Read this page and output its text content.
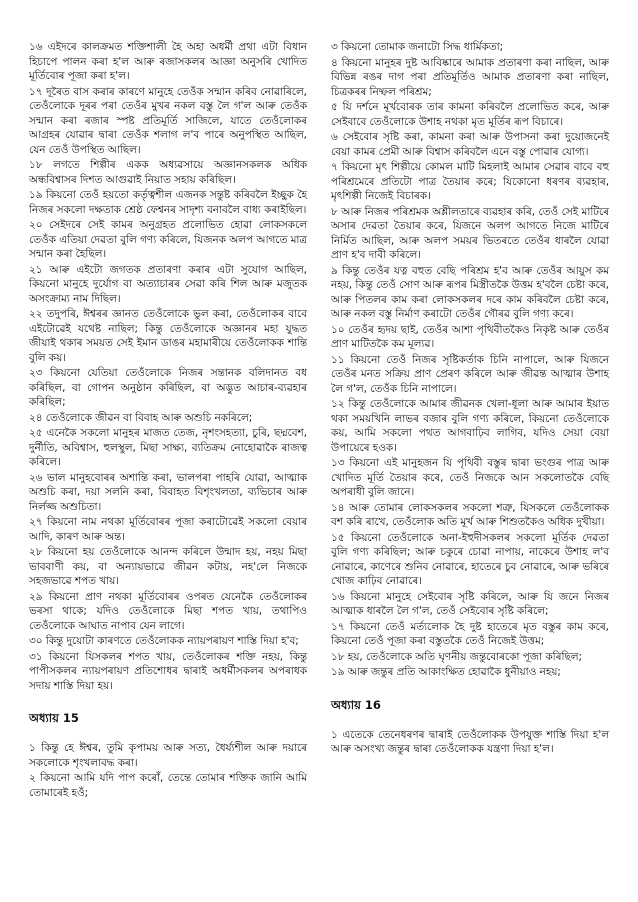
১৬ এইদৰে কালক্ৰমত শক্তিশালী হৈ অহা অধৰ্মী প্ৰথা এটা বিধান হিচাপে পালন কৰা হ'ল আৰু ৰজাসকলৰ আজ্ঞা অনুসৰি খোদিত মূৰ্তিবোৰ পূজা কৰা হ'ল।

১৭ দূৰৈত বাস কৰাৰ কাৰণে মানুহে তেওঁক সন্মান কৰিব নোৱাৰিলে, তেওঁলোকে দূৰৰ পৰা তেওঁৰ মুখৰ নকল বস্তু লৈ গ'ল আৰু তেওঁক সন্মান কৰা ৰজাৰ স্পষ্ট প্ৰতিমূৰ্তি সাজিলে, যাতে তেওঁলোকৰ আগ্ৰহৰ যোৱাৰ দ্বাৰা তেওঁক শলাগ ল'ব পাৰে অনুপস্থিত আছিল, যেন তেওঁ উপস্থিত আছিল।

১৮ লগতে শিল্পীৰ একক অধ্যৱসায়ে অজ্ঞানসকলক অধিক অন্ধবিশ্বাসৰ দিশত আগুৱাই নিয়াত সহায় কৰিছিল।

১৯ কিয়নো তেওঁ হয়তো কৰ্তৃত্বশীল এজনক সন্তুষ্ট কৰিবলৈ ইচ্ছুক হৈ নিজৰ সকলো দক্ষতাক শ্ৰেষ্ঠ ফেশ্বনৰ সাদৃশ্য বনাবলৈ বাধ্য কৰাইছিল।

২০ সেইদৰে সেই কামৰ অনুগ্ৰহত প্ৰলোভিত হোৱা লোকসকলে তেওঁক এতিয়া দেৱতা বুলি গণ্য কৰিলে, যিজনক অলপ আগতে মাত্ৰ সন্মান কৰা হৈছিল।

২১ আৰু এইটো জগতক প্ৰতাৰণা কৰাৰ এটা সুযোগ আছিল, কিয়নো মানুহে দুৰ্যোগ বা অত্যাচাৰৰ সেৱা কৰি শিল আৰু মজুতক অসংক্ৰাম্য নাম দিছিল।

২২ তদুপৰি, ঈশ্বৰৰ জ্ঞানত তেওঁলোকে ভুল কৰা, তেওঁলোকৰ বাবে এইটোৱেই যথেষ্ট নাছিল; কিন্তু তেওঁলোকে অজ্ঞানৰ মহা যুদ্ধত জীয়াই থকাৰ সময়ত সেই ইমান ডাঙৰ মহামাৰীয়ে তেওঁলোকক শান্তি বুলি কয়।

২৩ কিয়নো যেতিয়া তেওঁলোকে নিজৰ সন্তানক বলিদানত বধ কৰিছিল, বা গোপন অনুষ্ঠান কৰিছিল, বা অদ্ভুত আচাৰ-ব্যৱহাৰ কৰিছিল;

২৪ তেওঁলোকে জীৱন বা বিবাহ আৰু অশুচি নকৰিলে;

২৫ এনেকৈ সকলো মানুহৰ মাজত তেজ, নৃশংসহত্যা, চুৰি, ছদ্মবেশ, দুৰ্নীতি, অবিশ্বাস, হুলস্থুল, মিছা সাক্ষ্য, ব্যতিক্ৰম নোহোৱাকৈ ৰাজত্ব কৰিলে।

২৬ ভাল মানুহবোৰৰ অশান্তি কৰা, ভালপৰা পাহৰি যোৱা, আত্মাক অশুচি কৰা, দয়া সলনি কৰা, বিবাহত বিশৃংখলতা, ব্যভিচাৰ আৰু নিৰ্লজ্জ অশুচিতা।

২৭ কিয়নো নাম নথকা মূৰ্তিবোৰৰ পূজা কৰাটোৱেই সকলো বেয়াৰ আদি, কাৰণ আৰু অন্ত।

২৮ কিয়নো হয় তেওঁলোকে আনন্দ কৰিলে উন্মাদ হয়, নহয় মিছা ভাববাণী কয়, বা অন্যায়ভাৱে জীৱন কটায়, নহ'লে নিজকে সহজভাৱে শপত খায়।

২৯ কিয়নো প্ৰাণ নথকা মূৰ্তিবোৰৰ ওপৰত যেনেকৈ তেওঁলোকৰ ভৰসা থাকে; যদিও তেওঁলোকে মিছা শপত খায়, তথাপিও তেওঁলোকে আঘাত নাপাব যেন লাগে।

৩০ কিন্তু দুয়োটা কাৰণতে তেওঁলোকক ন্যায়পৰায়ণ শাস্তি দিয়া হ'ব;

৩১ কিয়নো যিসকলৰ শপত খায়, তেওঁলোকৰ শক্তি নহয়, কিন্তু পাপীসকলৰ ন্যায়পৰায়ণ প্ৰতিশোধৰ দ্বাৰাই অধৰ্মীসকলৰ অপৰাধক সদায় শাস্তি দিয়া হয়।

অধ্যায় 15

১ কিন্তু হে ঈশ্বৰ, তুমি কৃপাময় আৰু সত্য, ধৈৰ্য্যশীল আৰু দয়াৰে সকলোকে শৃংখলাবদ্ধ কৰা।

২ কিয়নো আমি যদি পাপ কৰোঁ, তেন্তে তোমাৰ শক্তিক জানি আমি তোমাৰেই হওঁ;

৩ কিয়নো তোমাক জনাটো সিদ্ধ ধাৰ্মিকতা;

৪ কিয়নো মানুহৰ দুষ্ট আবিষ্কাৰে আমাক প্ৰতাৰণা কৰা নাছিল, আৰু বিভিন্ন ৰঙৰ দাগ পৰা প্ৰতিমূৰ্তিও আমাক প্ৰতাৰণা কৰা নাছিল, চিত্ৰকৰৰ নিষ্ফল পৰিশ্ৰম;

৫ যি দৰ্শনে মূৰ্খবোৰক তাৰ কামনা কৰিবলৈ প্ৰলোভিত কৰে, আৰু সেইবাবে তেওঁলোকে উশাহ নথকা মৃত মূৰ্তিৰ ৰূপ বিচাৰে।

৬ সেইবোৰ সৃষ্টি কৰা, কামনা কৰা আৰু উপাসনা কৰা দুয়োজনেই বেয়া কামৰ প্ৰেমী আৰু বিশ্বাস কৰিবলৈ এনে বস্তু পোৱাৰ যোগ্য।

৭ কিয়নো মৃৎ শিল্পীয়ে কোমল মাটি মিহলাই আমাৰ সেৱাৰ বাবে বহু পৰিশ্ৰমেৰে প্ৰতিটো পাত্ৰ তৈয়াৰ কৰে; যিকোনো ধৰণৰ ব্যৱহাৰ, মৃৎশিল্পী নিজেই বিচাৰক।

৮ আৰু নিজৰ পৰিশ্ৰমক অশ্লীলতাৰে ব্যৱহাৰ কৰি, তেওঁ সেই মাটিৰে অসাৰ দেৱতা তৈয়াৰ কৰে, যিজনে অলপ আগতে নিজে মাটিৰে নিৰ্মিত আছিল, আৰু অলপ সময়ৰ ভিতৰতে তেওঁৰ ধাৰলৈ যোৱা প্ৰাণ হ'ব দাবী কৰিলে।

৯ কিন্তু তেওঁৰ যত্ন বহুত বেছি পৰিশ্ৰম হ'ব আৰু তেওঁৰ আয়ুস কম নহয়, কিন্তু তেওঁ সোণ আৰু ৰূপৰ মিস্ত্ৰীতকৈ উত্তম হ'বলৈ চেষ্টা কৰে, আৰু পিতলৰ কাম কৰা লোকসকলৰ দৰে কাম কৰিবলৈ চেষ্টা কৰে, আৰু নকল বস্তু নিৰ্মাণ কৰাটো তেওঁৰ গৌৰৱ বুলি গণ্য কৰে।

১০ তেওঁৰ হৃদয় ছাই, তেওঁৰ আশা পৃথিবীতকৈও নিকৃষ্ট আৰু তেওঁৰ প্ৰাণ মাটিতকৈ কম মূল্যৱ।

১১ কিয়নো তেওঁ নিজৰ সৃষ্টিকৰ্তাক চিনি নাপালে, আৰু যিজনে তেওঁৰ মনত সক্ৰিয় প্ৰাণ প্ৰেৰণ কৰিলে আৰু জীৱন্ত আত্মাৰ উশাহ লৈ গ'ল, তেওঁক চিনি নাপালে।

১২ কিন্তু তেওঁলোকে আমাৰ জীৱনক খেলা-ধূলা আৰু আমাৰ ইয়াত থকা সময়খিনি লাভৰ বজাৰ বুলি গণ্য কৰিলে, কিয়নো তেওঁলোকে কয়, আমি সকলো পথত আগবাঢ়িব লাগিব, যদিও সেয়া বেয়া উপায়েৰে হওক।

১৩ কিয়নো এই মানুহজন যি পৃথিবী বস্তুৰ দ্বাৰা ভংগুৰ পাত্ৰ আৰু খোদিত মূৰ্তি তৈয়াৰ কৰে, তেওঁ নিজকে আন সকলোতকৈ বেছি অপৰাধী বুলি জানে।

১৪ আৰু তোমাৰ লোকসকলৰ সকলো শত্ৰু, যিসকলে তেওঁলোকক বশ কৰি ৰাখে, তেওঁলোক অতি মূৰ্খ আৰু শিশুতকৈও অধিক দুখীয়া।

১৫ কিয়নো তেওঁলোকে অনা-ইহুদীসকলৰ সকলো মূৰ্তিক দেৱতা বুলি গণ্য কৰিছিল; আৰু চকুৰে চোৱা নাপায়, নাকেৰে উশাহ ল'ব নোৱাৰে, কাণেৰে শুনিব নোৱাৰে, হাতেৰে চুব নোৱাৰে, আৰু ভৰিৰে খোজ কাঢ়িব নোৱাৰে।

১৬ কিয়নো মানুহে সেইবোৰ সৃষ্টি কৰিলে, আৰু যি জনে নিজৰ আত্মাক ধাৰলৈ লৈ গ'ল, তেওঁ সেইবোৰ সৃষ্টি কৰিলে;

১৭ কিয়নো তেওঁ মৰ্ত্যলোক হৈ দুষ্ট হাতেৰে মৃত বস্তুৰ কাম কৰে, কিয়নো তেওঁ পূজা কৰা বস্তুতকৈ তেওঁ নিজেই উত্তম;

১৮ হয়, তেওঁলোকে অতি ঘৃণনীয় জন্তুবোৰকো পূজা কৰিছিল;

১৯ আৰু জন্তুৰ প্ৰতি আকাংক্ষিত হোৱাকৈ ধুনীয়াও নহয়;

অধ্যায় 16

১ এতেকে তেনেধৰণৰ দ্বাৰাই তেওঁলোকক উপযুক্ত শাস্তি দিয়া হ'ল আৰু অসংখ্য জন্তুৰ দ্বাৰা তেওঁলোকক যন্ত্ৰণা দিয়া হ'ল।
